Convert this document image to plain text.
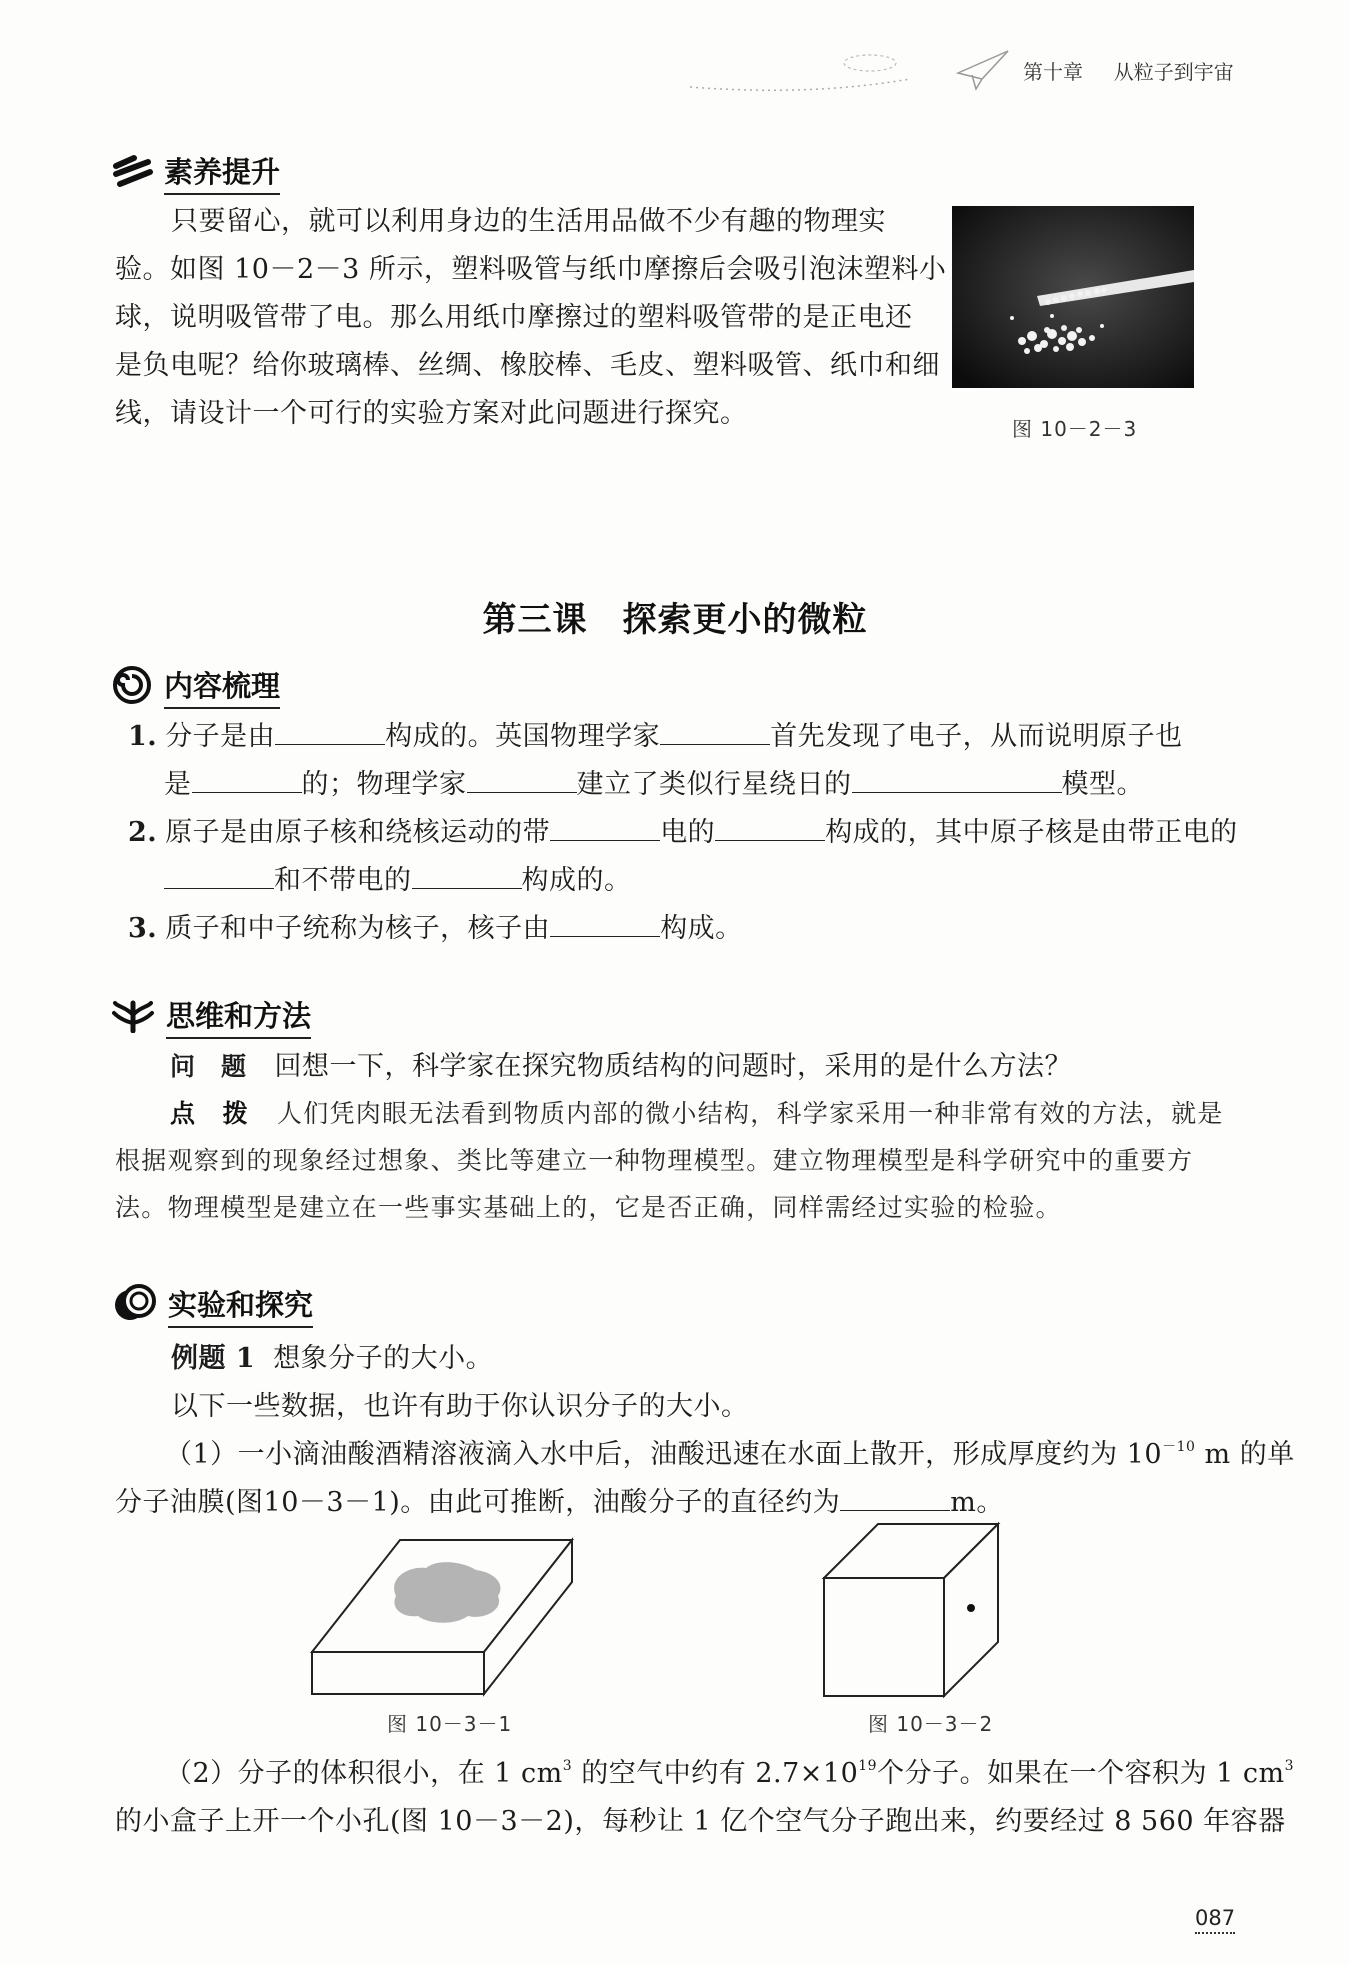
第十章 从粒子到宇宙
素养提升
只要留心，就可以利用身边的生活用品做不少有趣的物理实
验。如图 10－2－3 所示，塑料吸管与纸巾摩擦后会吸引泡沫塑料小
球，说明吸管带了电。那么用纸巾摩擦过的塑料吸管带的是正电还
是负电呢？给你玻璃棒、丝绸、橡胶棒、毛皮、塑料吸管、纸巾和细
线，请设计一个可行的实验方案对此问题进行探究。	图 10－2－3
第三课　探索更小的微粒
内容梳理
1. 分子是由	构成的。英国物理学家	首先发现了电子，从而说明原子也
是	的；物理学家	建立了类似行星绕日的	模型。
2. 原子是由原子核和绕核运动的带	电的	构成的，其中原子核是由带正电的
和不带电的	构成的。
3. 质子和中子统称为核子，核子由	构成。
思维和方法
问　题 回想一下，科学家在探究物质结构的问题时，采用的是什么方法？
点　拨 人们凭肉眼无法看到物质内部的微小结构，科学家采用一种非常有效的方法，就是
根据观察到的现象经过想象、类比等建立一种物理模型。建立物理模型是科学研究中的重要方
法。物理模型是建立在一些事实基础上的，它是否正确，同样需经过实验的检验。
实验和探究
例题 1 想象分子的大小。
以下一些数据，也许有助于你认识分子的大小。
（1）一小滴油酸酒精溶液滴入水中后，油酸迅速在水面上散开，形成厚度约为 $10^{-10}$ m 的单
分子油膜(图10－3－1)。由此可推断，油酸分子的直径约为	m。
图 10－3－1	图 10－3－2
（2）分子的体积很小，在 1 $cm^3$ 的空气中约有 $2.7\times 10^{19}$个分子。如果在一个容积为 1 $cm^3$
的小盒子上开一个小孔(图 10－3－2)，每秒让 1 亿个空气分子跑出来，约要经过 8 560 年容器
087
